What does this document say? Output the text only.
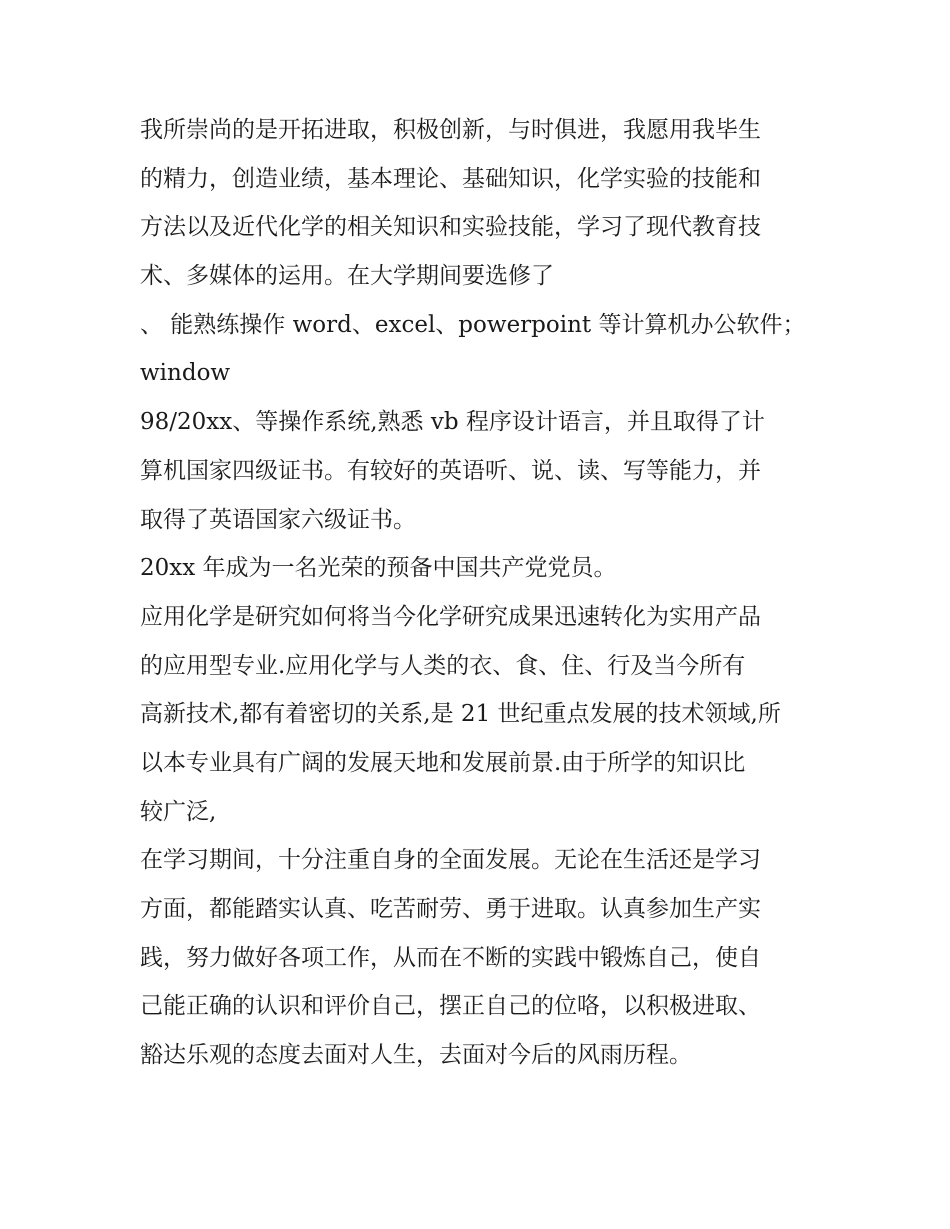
我所崇尚的是开拓进取，积极创新，与时俱进，我愿用我毕生

的精力，创造业绩，基本理论、基础知识，化学实验的技能和

方法以及近代化学的相关知识和实验技能，学习了现代教育技

术、多媒体的运用。在大学期间要选修了

、 能熟练操作 word、excel、powerpoint 等计算机办公软件；

window

98/20xx、等操作系统,熟悉 vb 程序设计语言，并且取得了计

算机国家四级证书。有较好的英语听、说、读、写等能力，并

取得了英语国家六级证书。

20xx 年成为一名光荣的预备中国共产党党员。

应用化学是研究如何将当今化学研究成果迅速转化为实用产品

的应用型专业.应用化学与人类的衣、食、住、行及当今所有

高新技术,都有着密切的关系,是 21 世纪重点发展的技术领域,所

以本专业具有广阔的发展天地和发展前景.由于所学的知识比

较广泛,

在学习期间，十分注重自身的全面发展。无论在生活还是学习

方面，都能踏实认真、吃苦耐劳、勇于进取。认真参加生产实

践，努力做好各项工作，从而在不断的实践中锻炼自己，使自

己能正确的认识和评价自己，摆正自己的位咯，以积极进取、

豁达乐观的态度去面对人生，去面对今后的风雨历程。
